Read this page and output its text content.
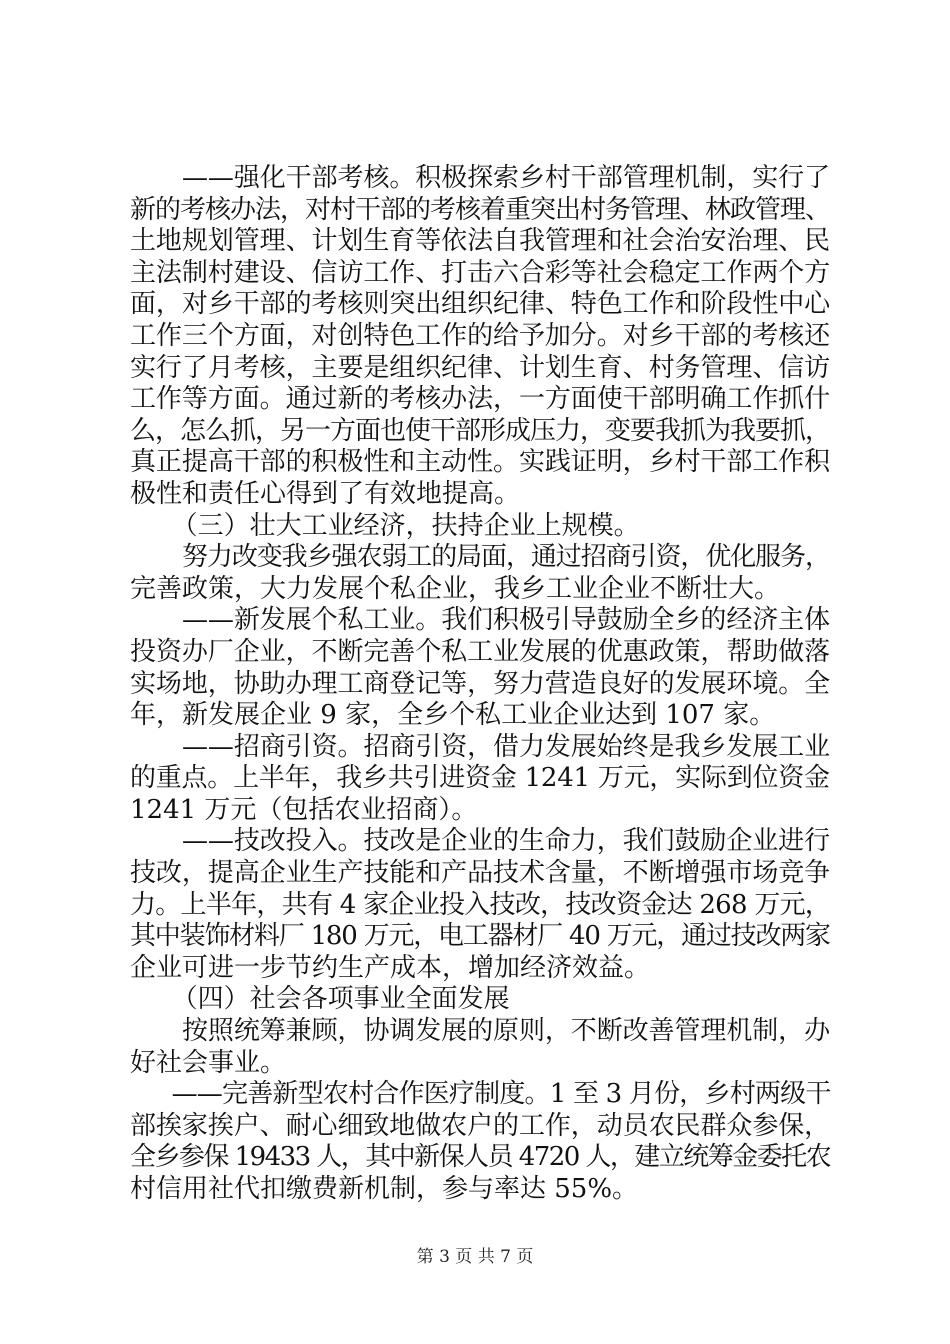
——强化干部考核。积极探索乡村干部管理机制，实行了

新的考核办法，对村干部的考核着重突出村务管理、林政管理、

土地规划管理、计划生育等依法自我管理和社会治安治理、民

主法制村建设、信访工作、打击六合彩等社会稳定工作两个方

面，对乡干部的考核则突出组织纪律、特色工作和阶段性中心

工作三个方面，对创特色工作的给予加分。对乡干部的考核还

实行了月考核，主要是组织纪律、计划生育、村务管理、信访

工作等方面。通过新的考核办法，一方面使干部明确工作抓什

么，怎么抓，另一方面也使干部形成压力，变要我抓为我要抓，

真正提高干部的积极性和主动性。实践证明，乡村干部工作积

极性和责任心得到了有效地提高。

（三）壮大工业经济，扶持企业上规模。

努力改变我乡强农弱工的局面，通过招商引资，优化服务，

完善政策，大力发展个私企业，我乡工业企业不断壮大。

——新发展个私工业。我们积极引导鼓励全乡的经济主体

投资办厂企业，不断完善个私工业发展的优惠政策，帮助做落

实场地，协助办理工商登记等，努力营造良好的发展环境。全

年，新发展企业 9 家，全乡个私工业企业达到 107 家。

——招商引资。招商引资，借力发展始终是我乡发展工业

的重点。上半年，我乡共引进资金 1241 万元，实际到位资金

1241 万元（包括农业招商）。

——技改投入。技改是企业的生命力，我们鼓励企业进行

技改，提高企业生产技能和产品技术含量，不断增强市场竞争

力。上半年，共有 4 家企业投入技改，技改资金达 268 万元，

其中装饰材料厂 180 万元，电工器材厂 40 万元，通过技改两家

企业可进一步节约生产成本，增加经济效益。

（四）社会各项事业全面发展

按照统筹兼顾，协调发展的原则，不断改善管理机制，办

好社会事业。

——完善新型农村合作医疗制度。1 至 3 月份，乡村两级干

部挨家挨户、耐心细致地做农户的工作，动员农民群众参保，

全乡参保 19433 人，其中新保人员 4720 人，建立统筹金委托农

村信用社代扣缴费新机制，参与率达 55%。

第 3 页 共 7 页
